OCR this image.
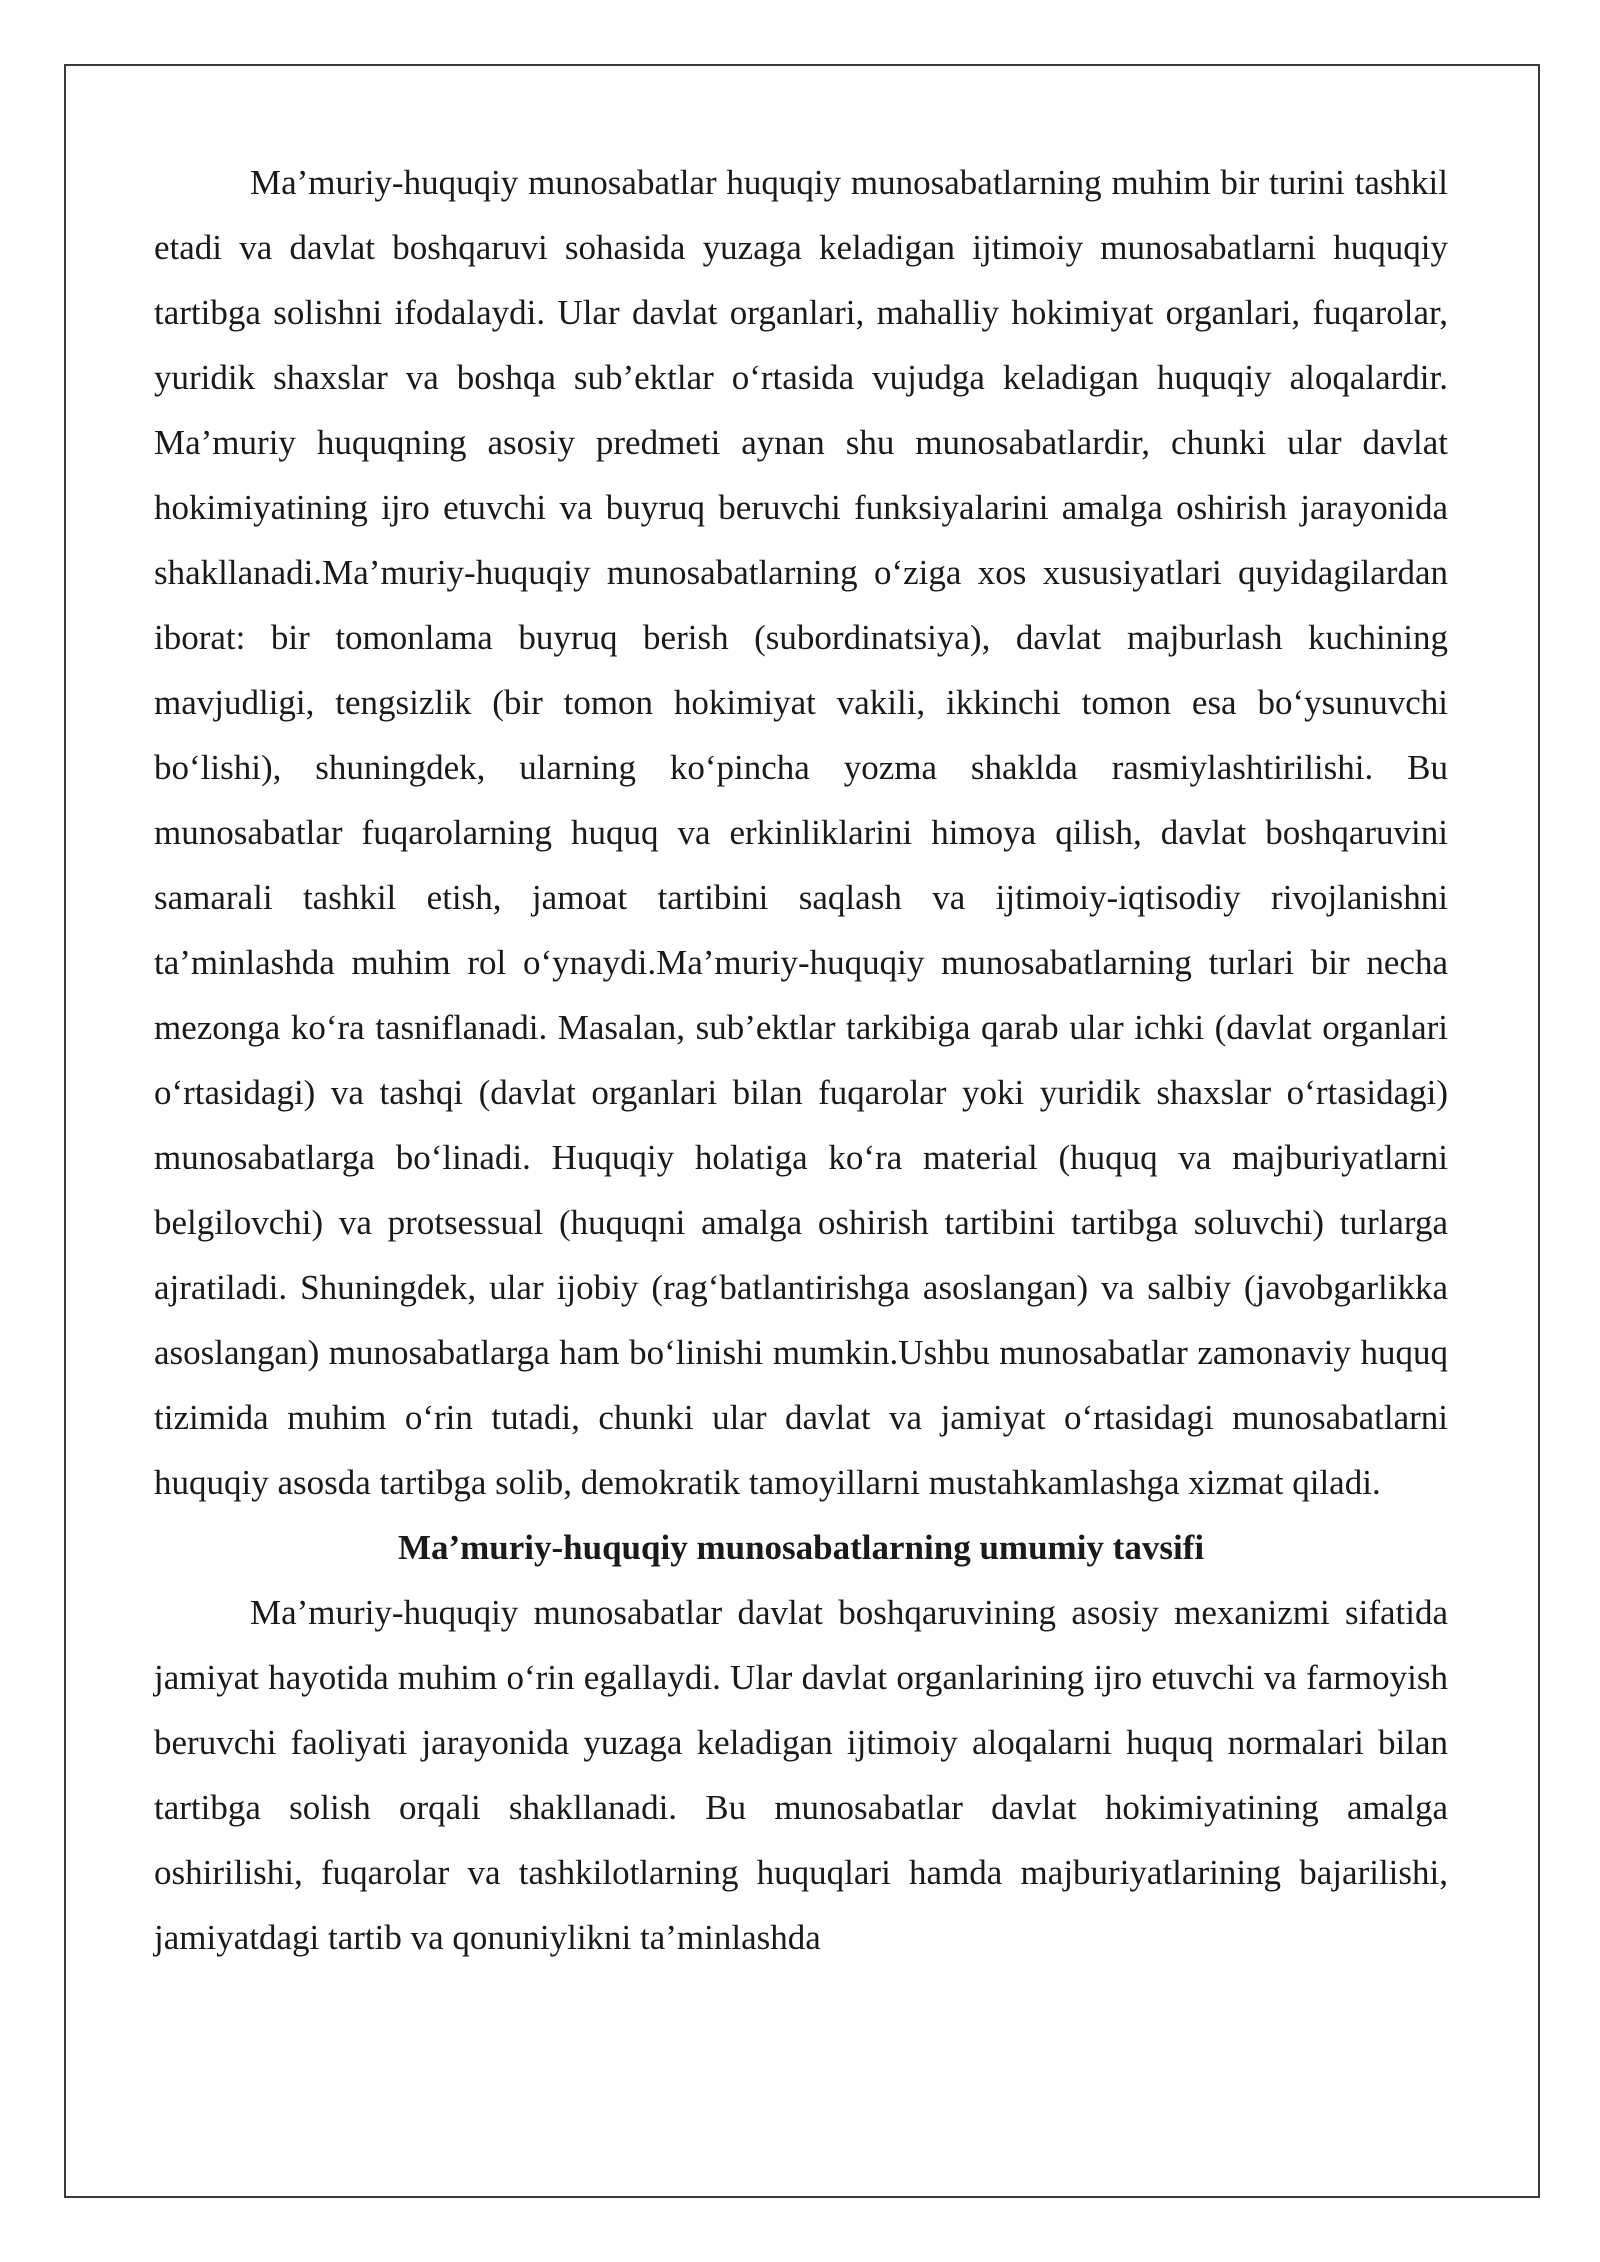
Ma’muriy-huquqiy munosabatlar huquqiy munosabatlarning muhim bir turini tashkil etadi va davlat boshqaruvi sohasida yuzaga keladigan ijtimoiy munosabatlarni huquqiy tartibga solishni ifodalaydi. Ular davlat organlari, mahalliy hokimiyat organlari, fuqarolar, yuridik shaxslar va boshqa sub’ektlar o‘rtasida vujudga keladigan huquqiy aloqalardir. Ma’muriy huquqning asosiy predmeti aynan shu munosabatlardir, chunki ular davlat hokimiyatining ijro etuvchi va buyruq beruvchi funksiyalarini amalga oshirish jarayonida shakllanadi.Ma’muriy-huquqiy munosabatlarning o‘ziga xos xususiyatlari quyidagilardan iborat: bir tomonlama buyruq berish (subordinatsiya), davlat majburlash kuchining mavjudligi, tengsizlik (bir tomon hokimiyat vakili, ikkinchi tomon esa bo‘ysunuvchi bo‘lishi), shuningdek, ularning ko‘pincha yozma shaklda rasmiylashtirilishi. Bu munosabatlar fuqarolarning huquq va erkinliklarini himoya qilish, davlat boshqaruvini samarali tashkil etish, jamoat tartibini saqlash va ijtimoiy-iqtisodiy rivojlanishni ta’minlashda muhim rol o‘ynaydi.Ma’muriy-huquqiy munosabatlarning turlari bir necha mezonga ko‘ra tasniflanadi. Masalan, sub’ektlar tarkibiga qarab ular ichki (davlat organlari o‘rtasidagi) va tashqi (davlat organlari bilan fuqarolar yoki yuridik shaxslar o‘rtasidagi) munosabatlarga bo‘linadi. Huquqiy holatiga ko‘ra material (huquq va majburiyatlarni belgilovchi) va protsessual (huquqni amalga oshirish tartibini tartibga soluvchi) turlarga ajratiladi. Shuningdek, ular ijobiy (rag‘batlantirishga asoslangan) va salbiy (javobgarlikka asoslangan) munosabatlarga ham bo‘linishi mumkin.Ushbu munosabatlar zamonaviy huquq tizimida muhim o‘rin tutadi, chunki ular davlat va jamiyat o‘rtasidagi munosabatlarni huquqiy asosda tartibga solib, demokratik tamoyillarni mustahkamlashga xizmat qiladi.

Ma’muriy-huquqiy munosabatlarning umumiy tavsifi

Ma’muriy-huquqiy munosabatlar davlat boshqaruvining asosiy mexanizmi sifatida jamiyat hayotida muhim o‘rin egallaydi. Ular davlat organlarining ijro etuvchi va farmoyish beruvchi faoliyati jarayonida yuzaga keladigan ijtimoiy aloqalarni huquq normalari bilan tartibga solish orqali shakllanadi. Bu munosabatlar davlat hokimiyatining amalga oshirilishi, fuqarolar va tashkilotlarning huquqlari hamda majburiyatlarining bajarilishi, jamiyatdagi tartib va qonuniylikni ta’minlashda
